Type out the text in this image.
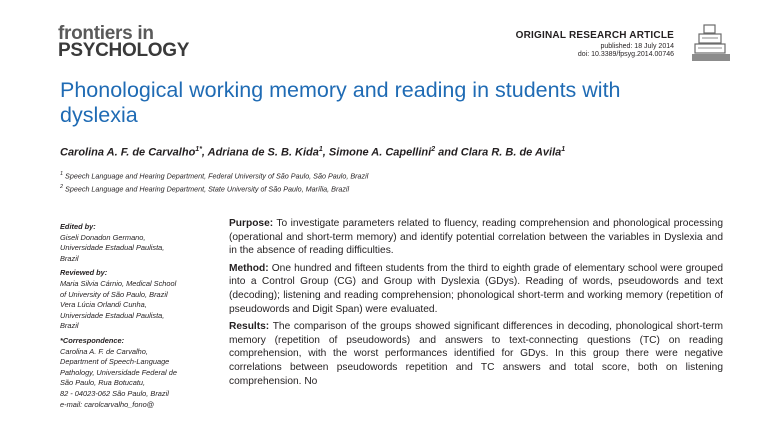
frontiers in
PSYCHOLOGY
ORIGINAL RESEARCH ARTICLE
published: 18 July 2014
doi: 10.3389/fpsyg.2014.00746
Phonological working memory and reading in students with dyslexia
Carolina A. F. de Carvalho$^{1*}$, Adriana de S. B. Kida$^1$, Simone A. Capellini$^2$ and Clara R. B. de Avila$^1$
$^1$ Speech Language and Hearing Department, Federal University of São Paulo, São Paulo, Brazil
$^2$ Speech Language and Hearing Department, State University of São Paulo, Marília, Brazil
Edited by:
Giseli Donadon Germano,
Universidade Estadual Paulista,
Brazil
Reviewed by:
Maria Silvia Cárnio, Medical School
of University of São Paulo, Brazil
Vera Lúcia Orlandi Cunha,
Universidade Estadual Paulista,
Brazil
*Correspondence:
Carolina A. F. de Carvalho,
Department of Speech-Language
Pathology, Universidade Federal de
São Paulo, Rua Botucatu,
82 - 04023-062 São Paulo, Brazil
e-mail: carolcarvalho_fono@

Purpose: To investigate parameters related to fluency, reading comprehension and phonological processing (operational and short-term memory) and identify potential correlation between the variables in Dyslexia and in the absence of reading difficulties.

Method: One hundred and fifteen students from the third to eighth grade of elementary school were grouped into a Control Group (CG) and Group with Dyslexia (GDys). Reading of words, pseudowords and text (decoding); listening and reading comprehension; phonological short-term and working memory (repetition of pseudowords and Digit Span) were evaluated.

Results: The comparison of the groups showed significant differences in decoding, phonological short-term memory (repetition of pseudowords) and answers to text-connecting questions (TC) on reading comprehension, with the worst performances identified for GDys. In this group there were negative correlations between pseudowords repetition and TC answers and total score, both on listening comprehension. No
